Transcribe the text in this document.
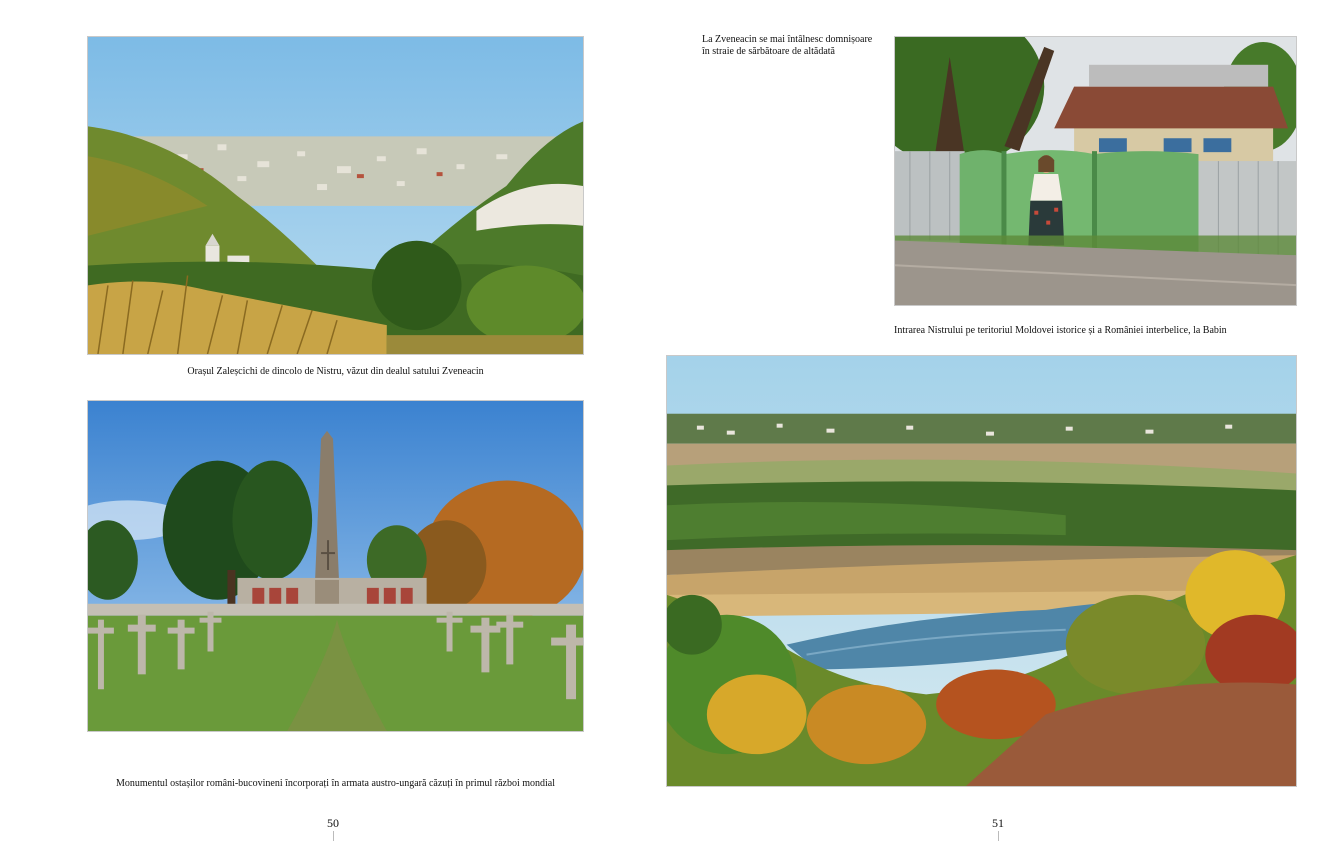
Orașul Zaleșcichi de dincolo de Nistru, văzut din dealul satului Zveneacin
Monumentul ostașilor români-bucovineni încorporați în armata austro-ungară căzuți în primul război mondial
50
La Zveneacin se mai întâlnesc domnișoare
în straie de sărbătoare de altădată
Intrarea Nistrului pe teritoriul Moldovei istorice și a României interbelice, la Babin
51
